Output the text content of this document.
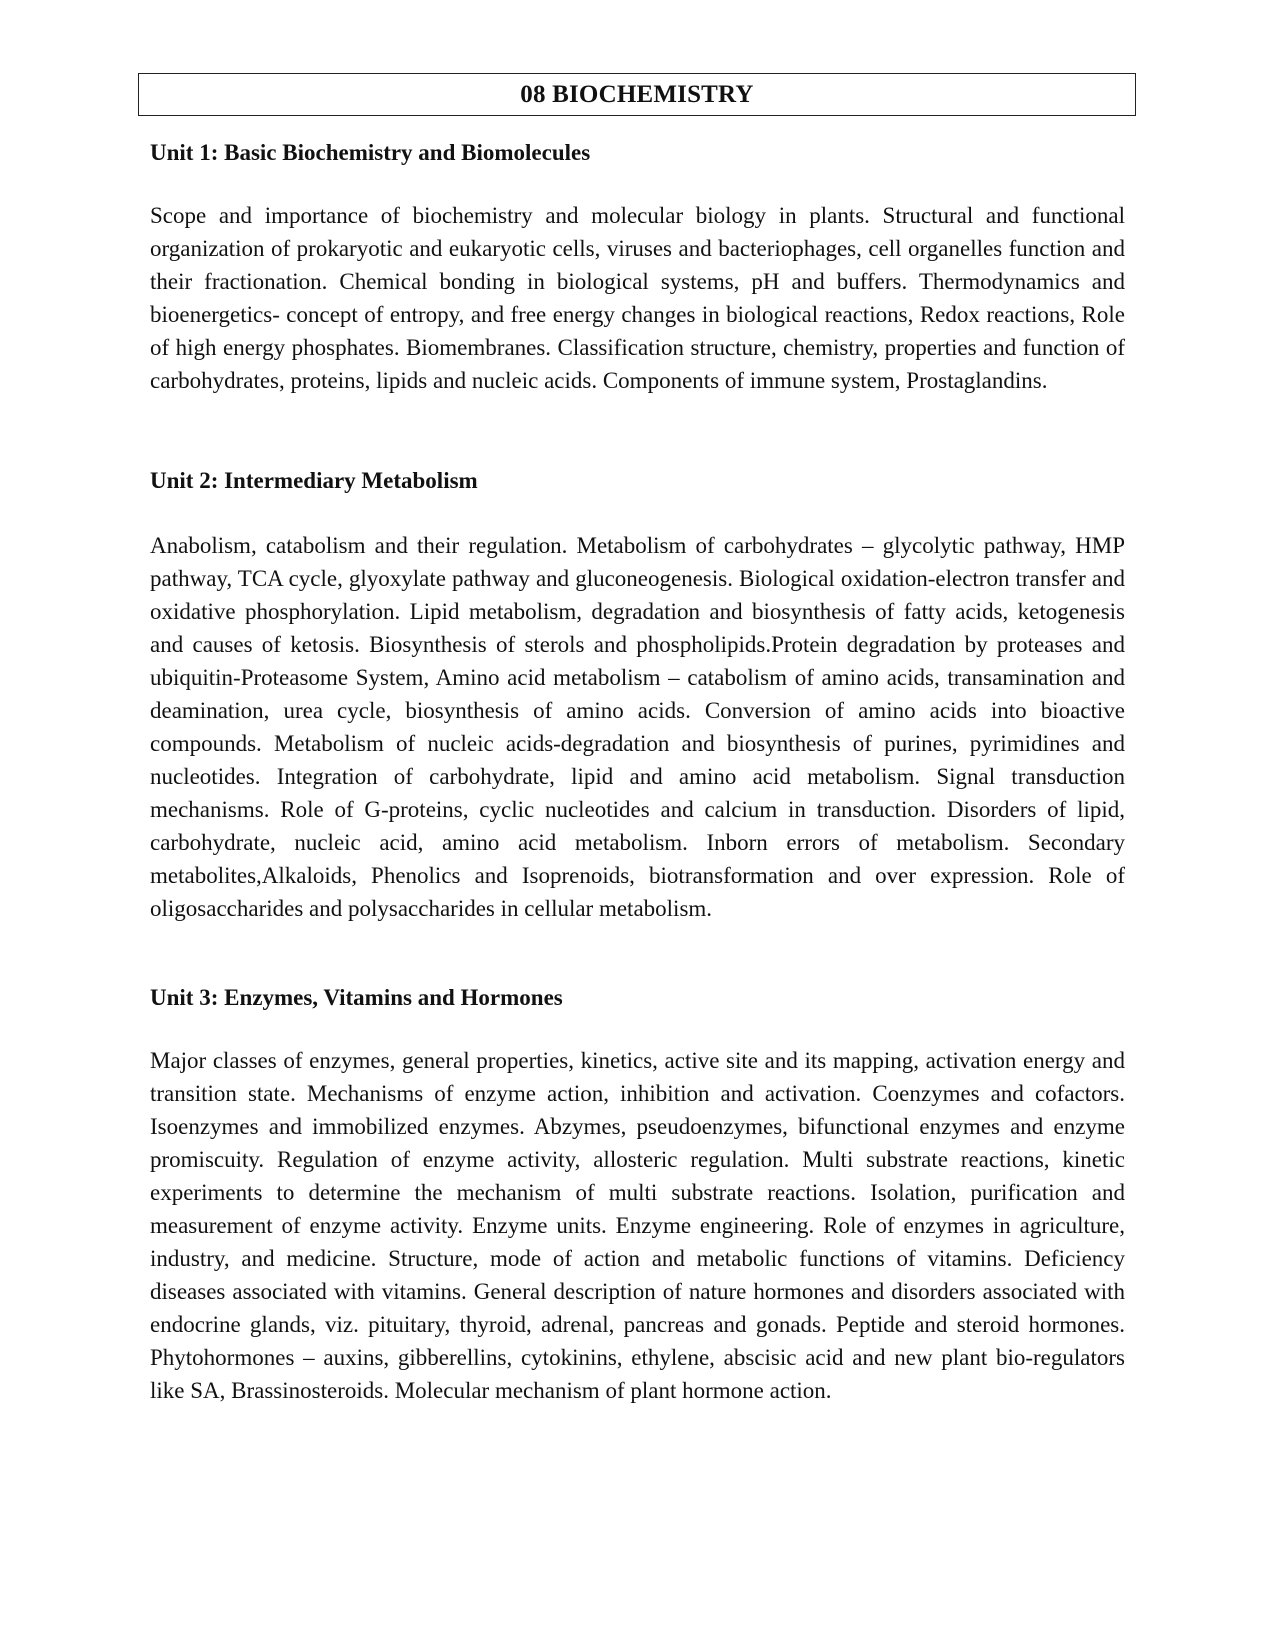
08 BIOCHEMISTRY
Unit 1: Basic Biochemistry and Biomolecules

Scope and importance of biochemistry and molecular biology in plants. Structural and functional organization of prokaryotic and eukaryotic cells, viruses and bacteriophages, cell organelles function and their fractionation. Chemical bonding in biological systems, pH and buffers. Thermodynamics and bioenergetics- concept of entropy, and free energy changes in biological reactions, Redox reactions, Role of high energy phosphates. Biomembranes. Classification structure, chemistry, properties and function of carbohydrates, proteins, lipids and nucleic acids. Components of immune system, Prostaglandins.

Unit 2: Intermediary Metabolism

Anabolism, catabolism and their regulation. Metabolism of carbohydrates – glycolytic pathway, HMP pathway, TCA cycle, glyoxylate pathway and gluconeogenesis. Biological oxidation-electron transfer and oxidative phosphorylation. Lipid metabolism, degradation and biosynthesis of fatty acids, ketogenesis and causes of ketosis. Biosynthesis of sterols and phospholipids.Protein degradation by proteases and ubiquitin-Proteasome System, Amino acid metabolism – catabolism of amino acids, transamination and deamination, urea cycle, biosynthesis of amino acids. Conversion of amino acids into bioactive compounds. Metabolism of nucleic acids-degradation and biosynthesis of purines, pyrimidines and nucleotides. Integration of carbohydrate, lipid and amino acid metabolism. Signal transduction mechanisms. Role of G-proteins, cyclic nucleotides and calcium in transduction. Disorders of lipid, carbohydrate, nucleic acid, amino acid metabolism. Inborn errors of metabolism. Secondary metabolites,Alkaloids, Phenolics and Isoprenoids, biotransformation and over expression. Role of oligosaccharides and polysaccharides in cellular metabolism.

Unit 3: Enzymes, Vitamins and Hormones

Major classes of enzymes, general properties, kinetics, active site and its mapping, activation energy and transition state. Mechanisms of enzyme action, inhibition and activation. Coenzymes and cofactors. Isoenzymes and immobilized enzymes. Abzymes, pseudoenzymes, bifunctional enzymes and enzyme promiscuity. Regulation of enzyme activity, allosteric regulation. Multi substrate reactions, kinetic experiments to determine the mechanism of multi substrate reactions. Isolation, purification and measurement of enzyme activity. Enzyme units. Enzyme engineering. Role of enzymes in agriculture, industry, and medicine. Structure, mode of action and metabolic functions of vitamins. Deficiency diseases associated with vitamins. General description of nature hormones and disorders associated with endocrine glands, viz. pituitary, thyroid, adrenal, pancreas and gonads. Peptide and steroid hormones. Phytohormones – auxins, gibberellins, cytokinins, ethylene, abscisic acid and new plant bio-regulators like SA, Brassinosteroids. Molecular mechanism of plant hormone action.
